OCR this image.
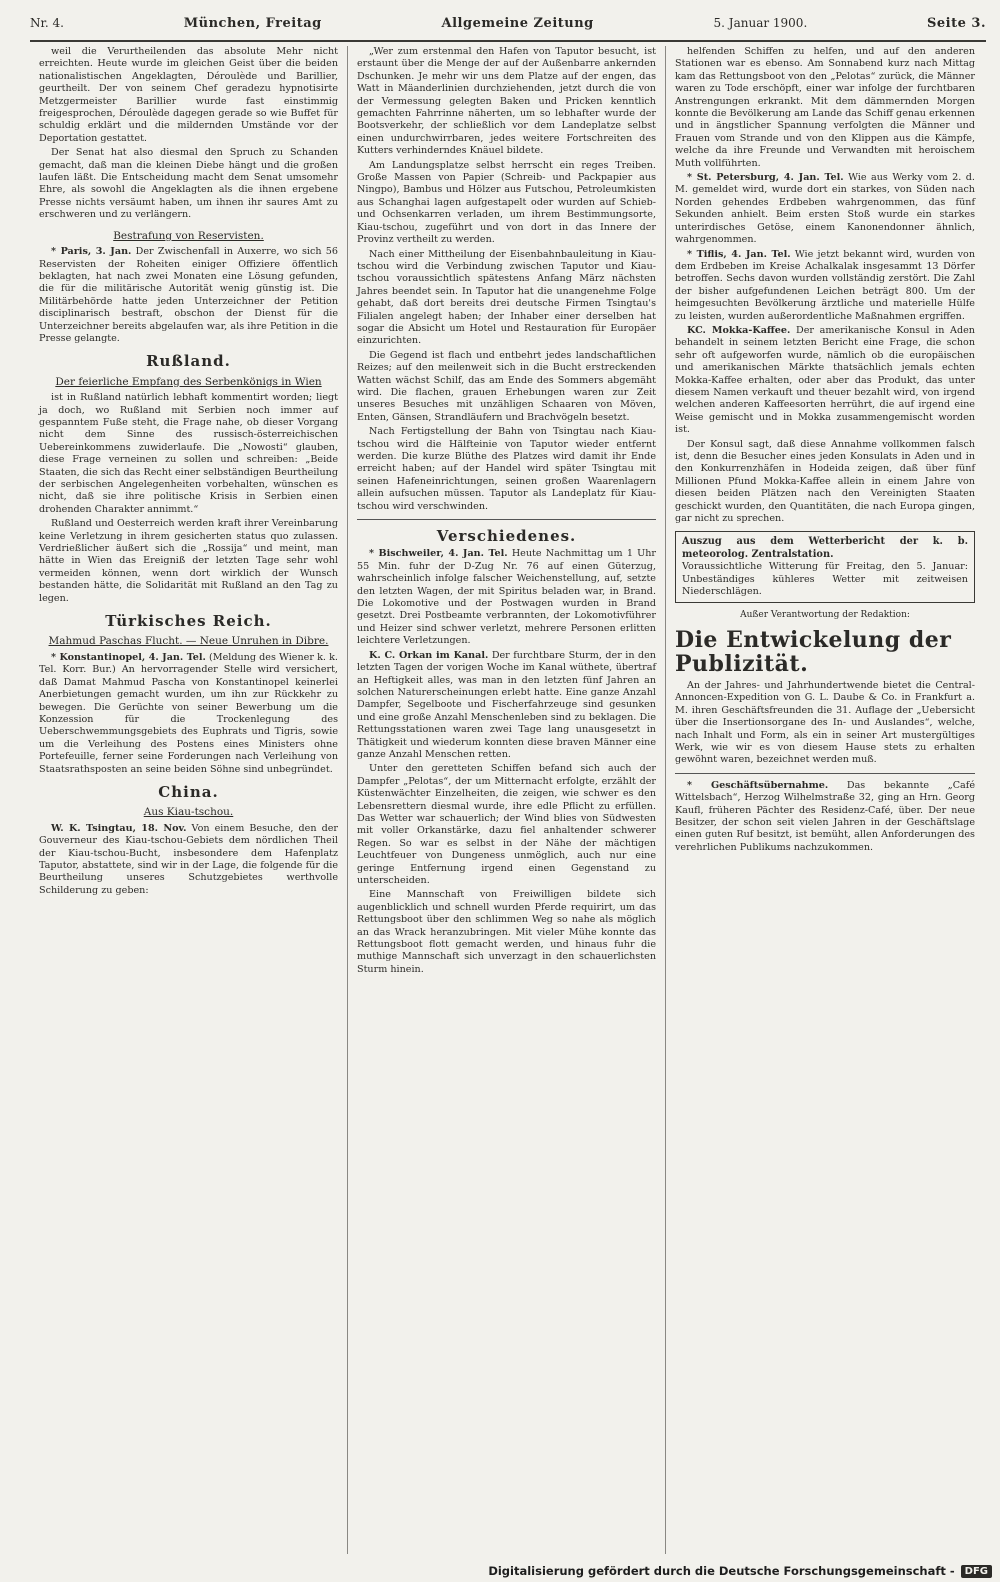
Nr. 4.	München, Freitag	Allgemeine Zeitung	5. Januar 1900.	Seite 3.

weil die Verurtheilenden das absolute Mehr nicht erreichten. Heute wurde im gleichen Geist über die beiden nationalistischen Angeklagten, Déroulède und Barillier, geurtheilt. Der von seinem Chef geradezu hypnotisirte Metzgermeister Barillier wurde fast einstimmig freigesprochen, Déroulède dagegen gerade so wie Buffet für schuldig erklärt und die mildernden Umstände vor der Deportation gestattet.

Der Senat hat also diesmal den Spruch zu Schanden gemacht, daß man die kleinen Diebe hängt und die großen laufen läßt. Die Entscheidung macht dem Senat umsomehr Ehre, als sowohl die Angeklagten als die ihnen ergebene Presse nichts versäumt haben, um ihnen ihr saures Amt zu erschweren und zu verlängern.

Bestrafung von Reservisten.

* Paris, 3. Jan. Der Zwischenfall in Auxerre, wo sich 56 Reservisten der Roheiten einiger Offiziere öffentlich beklagten, hat nach zwei Monaten eine Lösung gefunden, die für die militärische Autorität wenig günstig ist. Die Militärbehörde hatte jeden Unterzeichner der Petition disciplinarisch bestraft, obschon der Dienst für die Unterzeichner bereits abgelaufen war, als ihre Petition in die Presse gelangte.

Rußland.
Der feierliche Empfang des Serbenkönigs in Wien

ist in Rußland natürlich lebhaft kommentirt worden; liegt ja doch, wo Rußland mit Serbien noch immer auf gespanntem Fuße steht, die Frage nahe, ob dieser Vorgang nicht dem Sinne des russisch-österreichischen Uebereinkommens zuwiderlaufe. Die „Nowosti“ glauben, diese Frage verneinen zu sollen und schreiben: „Beide Staaten, die sich das Recht einer selbständigen Beurtheilung der serbischen Angelegenheiten vorbehalten, wünschen es nicht, daß sie ihre politische Krisis in Serbien einen drohenden Charakter annimmt.“

Rußland und Oesterreich werden kraft ihrer Vereinbarung keine Verletzung in ihrem gesicherten status quo zulassen. Verdrießlicher äußert sich die „Rossija“ und meint, man hätte in Wien das Ereigniß der letzten Tage sehr wohl vermeiden können, wenn dort wirklich der Wunsch bestanden hätte, die Solidarität mit Rußland an den Tag zu legen.

Türkisches Reich.
Mahmud Paschas Flucht. — Neue Unruhen in Dibre.

* Konstantinopel, 4. Jan. Tel. (Meldung des Wiener k. k. Tel. Korr. Bur.) An hervorragender Stelle wird versichert, daß Damat Mahmud Pascha von Konstantinopel keinerlei Anerbietungen gemacht wurden, um ihn zur Rückkehr zu bewegen. Die Gerüchte von seiner Bewerbung um die Konzession für die Trockenlegung des Ueberschwemmungsgebiets des Euphrats und Tigris, sowie um die Verleihung des Postens eines Ministers ohne Portefeuille, ferner seine Forderungen nach Verleihung von Staatsrathsposten an seine beiden Söhne sind unbegründet.

China.
Aus Kiau-tschou.

W. K. Tsingtau, 18. Nov. Von einem Besuche, den der Gouverneur des Kiau-tschou-Gebiets dem nördlichen Theil der Kiau-tschou-Bucht, insbesondere dem Hafenplatz Taputor, abstattete, sind wir in der Lage, die folgende für die Beurtheilung unseres Schutzgebietes werthvolle Schilderung zu geben:

„Wer zum erstenmal den Hafen von Taputor besucht, ist erstaunt über die Menge der auf der Außenbarre ankernden Dschunken. Je mehr wir uns dem Platze auf der engen, das Watt in Mäanderlinien durchziehenden, jetzt durch die von der Vermessung gelegten Baken und Pricken kenntlich gemachten Fahrrinne näherten, um so lebhafter wurde der Bootsverkehr, der schließlich vor dem Landeplatze selbst einen undurchwirrbaren, jedes weitere Fortschreiten des Kutters verhinderndes Knäuel bildete.

Am Landungsplatze selbst herrscht ein reges Treiben. Große Massen von Papier (Schreib- und Packpapier aus Ningpo), Bambus und Hölzer aus Futschou, Petroleumkisten aus Schanghai lagen aufgestapelt oder wurden auf Schieb- und Ochsenkarren verladen, um ihrem Bestimmungsorte, Kiau-tschou, zugeführt und von dort in das Innere der Provinz vertheilt zu werden.

Nach einer Mittheilung der Eisenbahnbauleitung in Kiau-tschou wird die Verbindung zwischen Taputor und Kiau-tschou voraussichtlich spätestens Anfang März nächsten Jahres beendet sein. In Taputor hat die unangenehme Folge gehabt, daß dort bereits drei deutsche Firmen Tsingtau's Filialen angelegt haben; der Inhaber einer derselben hat sogar die Absicht um Hotel und Restauration für Europäer einzurichten.

Die Gegend ist flach und entbehrt jedes landschaftlichen Reizes; auf den meilenweit sich in die Bucht erstreckenden Watten wächst Schilf, das am Ende des Sommers abgemäht wird. Die flachen, grauen Erhebungen waren zur Zeit unseres Besuches mit unzähligen Schaaren von Möven, Enten, Gänsen, Strandläufern und Brachvögeln besetzt.

Nach Fertigstellung der Bahn von Tsingtau nach Kiau-tschou wird die Hälfteinie von Taputor wieder entfernt werden. Die kurze Blüthe des Platzes wird damit ihr Ende erreicht haben; auf der Handel wird später Tsingtau mit seinen Hafeneinrichtungen, seinen großen Waarenlagern allein aufsuchen müssen. Taputor als Landeplatz für Kiau-tschou wird verschwinden.

Verschiedenes.

* Bischweiler, 4. Jan. Tel. Heute Nachmittag um 1 Uhr 55 Min. fuhr der D-Zug Nr. 76 auf einen Güterzug, wahrscheinlich infolge falscher Weichenstellung, auf, setzte den letzten Wagen, der mit Spiritus beladen war, in Brand. Die Lokomotive und der Postwagen wurden in Brand gesetzt. Drei Postbeamte verbrannten, der Lokomotivführer und Heizer sind schwer verletzt, mehrere Personen erlitten leichtere Verletzungen.

K. C. Orkan im Kanal. Der furchtbare Sturm, der in den letzten Tagen der vorigen Woche im Kanal wüthete, übertraf an Heftigkeit alles, was man in den letzten fünf Jahren an solchen Naturerscheinungen erlebt hatte. Eine ganze Anzahl Dampfer, Segelboote und Fischerfahrzeuge sind gesunken und eine große Anzahl Menschenleben sind zu beklagen. Die Rettungsstationen waren zwei Tage lang unausgesetzt in Thätigkeit und wiederum konnten diese braven Männer eine ganze Anzahl Menschen retten.

Unter den geretteten Schiffen befand sich auch der Dampfer „Pelotas“, der um Mitternacht erfolgte, erzählt der Küstenwächter Einzelheiten, die zeigen, wie schwer es den Lebensrettern diesmal wurde, ihre edle Pflicht zu erfüllen. Das Wetter war schauerlich; der Wind blies von Südwesten mit voller Orkanstärke, dazu fiel anhaltender schwerer Regen. So war es selbst in der Nähe der mächtigen Leuchtfeuer von Dungeness unmöglich, auch nur eine geringe Entfernung irgend einen Gegenstand zu unterscheiden.

Eine Mannschaft von Freiwilligen bildete sich augenblicklich und schnell wurden Pferde requirirt, um das Rettungsboot über den schlimmen Weg so nahe als möglich an das Wrack heranzubringen. Mit vieler Mühe konnte das Rettungsboot flott gemacht werden, und hinaus fuhr die muthige Mannschaft sich unverzagt in den schauerlichsten Sturm hinein.

helfenden Schiffen zu helfen, und auf den anderen Stationen war es ebenso. Am Sonnabend kurz nach Mittag kam das Rettungsboot von den „Pelotas“ zurück, die Männer waren zu Tode erschöpft, einer war infolge der furchtbaren Anstrengungen erkrankt. Mit dem dämmernden Morgen konnte die Bevölkerung am Lande das Schiff genau erkennen und in ängstlicher Spannung verfolgten die Männer und Frauen vom Strande und von den Klippen aus die Kämpfe, welche da ihre Freunde und Verwandten mit heroischem Muth vollführten.

* St. Petersburg, 4. Jan. Tel. Wie aus Werky vom 2. d. M. gemeldet wird, wurde dort ein starkes, von Süden nach Norden gehendes Erdbeben wahrgenommen, das fünf Sekunden anhielt. Beim ersten Stoß wurde ein starkes unterirdisches Getöse, einem Kanonendonner ähnlich, wahrgenommen.

* Tiflis, 4. Jan. Tel. Wie jetzt bekannt wird, wurden von dem Erdbeben im Kreise Achalkalak insgesammt 13 Dörfer betroffen. Sechs davon wurden vollständig zerstört. Die Zahl der bisher aufgefundenen Leichen beträgt 800. Um der heimgesuchten Bevölkerung ärztliche und materielle Hülfe zu leisten, wurden außerordentliche Maßnahmen ergriffen.

KC. Mokka-Kaffee. Der amerikanische Konsul in Aden behandelt in seinem letzten Bericht eine Frage, die schon sehr oft aufgeworfen wurde, nämlich ob die europäischen und amerikanischen Märkte thatsächlich jemals echten Mokka-Kaffee erhalten, oder aber das Produkt, das unter diesem Namen verkauft und theuer bezahlt wird, von irgend welchen anderen Kaffeesorten herrührt, die auf irgend eine Weise gemischt und in Mokka zusammengemischt worden ist.

Der Konsul sagt, daß diese Annahme vollkommen falsch ist, denn die Besucher eines jeden Konsulats in Aden und in den Konkurrenzhäfen in Hodeida zeigen, daß über fünf Millionen Pfund Mokka-Kaffee allein in einem Jahre von diesen beiden Plätzen nach den Vereinigten Staaten geschickt wurden, den Quantitäten, die nach Europa gingen, gar nicht zu sprechen.

Auszug aus dem Wetterbericht der k. b. meteorolog. Zentralstation.
Voraussichtliche Witterung für Freitag, den 5. Januar: Unbeständiges kühleres Wetter mit zeitweisen Niederschlägen.
Außer Verantwortung der Redaktion:
Die Entwickelung der Publizität.

An der Jahres- und Jahrhundertwende bietet die Central-Annoncen-Expedition von G. L. Daube & Co. in Frankfurt a. M. ihren Geschäftsfreunden die 31. Auflage der „Uebersicht über die Insertionsorgane des In- und Auslandes“, welche, nach Inhalt und Form, als ein in seiner Art mustergültiges Werk, wie wir es von diesem Hause stets zu erhalten gewöhnt waren, bezeichnet werden muß.

* Geschäftsübernahme. Das bekannte „Café Wittelsbach“, Herzog Wilhelmstraße 32, ging an Hrn. Georg Kaufl, früheren Pächter des Residenz-Café, über. Der neue Besitzer, der schon seit vielen Jahren in der Geschäftslage einen guten Ruf besitzt, ist bemüht, allen Anforderungen des verehrlichen Publikums nachzukommen.

Digitalisierung gefördert durch die Deutsche Forschungsgemeinschaft -	DFG
